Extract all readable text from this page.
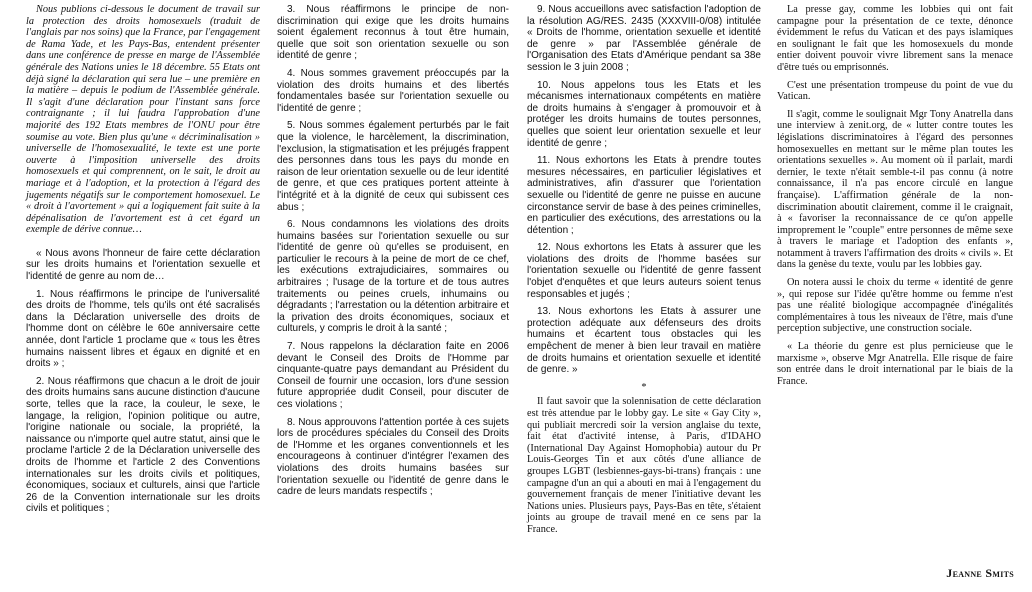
Nous publions ci-dessous le document de travail sur la protection des droits homosexuels (traduit de l'anglais par nos soins) que la France, par l'engagement de Rama Yade, et les Pays-Bas, entendent présenter dans une conférence de presse en marge de l'Assemblée générale des Nations unies le 18 décembre. 55 Etats ont déjà signé la déclaration qui sera lue – une première en la matière – depuis le podium de l'Assemblée générale. Il s'agit d'une déclaration pour l'instant sans force contraignante ; il lui faudra l'approbation d'une majorité des 192 Etats membres de l'ONU pour être soumise au vote. Bien plus qu'une « décriminalisation » universelle de l'homosexualité, le texte est une porte ouverte à l'imposition universelle des droits homosexuels et qui comprennent, on le sait, le droit au mariage et à l'adoption, et la protection à l'égard des jugements négatifs sur le comportement homosexuel. Le « droit à l'avortement » qui a logiquement fait suite à la dépénalisation de l'avortement est à cet égard un exemple de dérive connue…

« Nous avons l'honneur de faire cette déclaration sur les droits humains et l'orientation sexuelle et l'identité de genre au nom de…

1. Nous réaffirmons le principe de l'universalité des droits de l'homme, tels qu'ils ont été sacralisés dans la Déclaration universelle des droits de l'homme dont on célèbre le 60e anniversaire cette année, dont l'article 1 proclame que « tous les êtres humains naissent libres et égaux en dignité et en droits » ;

2. Nous réaffirmons que chacun a le droit de jouir des droits humains sans aucune distinction d'aucune sorte, telles que la race, la couleur, le sexe, le langage, la religion, l'opinion politique ou autre, l'origine nationale ou sociale, la propriété, la naissance ou n'importe quel autre statut, ainsi que le proclame l'article 2 de la Déclaration universelle des droits de l'homme et l'article 2 des Conventions internationales sur les droits civils et politiques, économiques, sociaux et culturels, ainsi que l'article 26 de la Convention internationale sur les droits civils et politiques ;

3. Nous réaffirmons le principe de non-discrimination qui exige que les droits humains soient également reconnus à tout être humain, quelle que soit son orientation sexuelle ou son identité de genre ;

4. Nous sommes gravement préoccupés par la violation des droits humains et des libertés fondamentales basée sur l'orientation sexuelle ou l'identité de genre ;

5. Nous sommes également perturbés par le fait que la violence, le harcèlement, la discrimination, l'exclusion, la stigmatisation et les préjugés frappent des personnes dans tous les pays du monde en raison de leur orientation sexuelle ou de leur identité de genre, et que ces pratiques portent atteinte à l'intégrité et à la dignité de ceux qui subissent ces abus ;

6. Nous condamnons les violations des droits humains basées sur l'orientation sexuelle ou sur l'identité de genre où qu'elles se produisent, en particulier le recours à la peine de mort de ce chef, les exécutions extrajudiciaires, sommaires ou arbitraires ; l'usage de la torture et de tous autres traitements ou peines cruels, inhumains ou dégradants ; l'arrestation ou la détention arbitraire et la privation des droits économiques, sociaux et culturels, y compris le droit à la santé ;

7. Nous rappelons la déclaration faite en 2006 devant le Conseil des Droits de l'Homme par cinquante-quatre pays demandant au Président du Conseil de fournir une occasion, lors d'une session future appropriée dudit Conseil, pour discuter de ces violations ;

8. Nous approuvons l'attention portée à ces sujets lors de procédures spéciales du Conseil des Droits de l'Homme et les organes conventionnels et les encourageons à continuer d'intégrer l'examen des violations des droits humains basées sur l'orientation sexuelle ou l'identité de genre dans le cadre de leurs mandats respectifs ;

9. Nous accueillons avec satisfaction l'adoption de la résolution AG/RES. 2435 (XXXVIII-0/08) intitulée « Droits de l'homme, orientation sexuelle et identité de genre » par l'Assemblée générale de l'Organisation des Etats d'Amérique pendant sa 38e session le 3 juin 2008 ;

10. Nous appelons tous les Etats et les mécanismes internationaux compétents en matière de droits humains à s'engager à promouvoir et à protéger les droits humains de toutes personnes, quelles que soient leur orientation sexuelle et leur identité de genre ;

11. Nous exhortons les Etats à prendre toutes mesures nécessaires, en particulier législatives et administratives, afin d'assurer que l'orientation sexuelle ou l'identité de genre ne puisse en aucune circonstance servir de base à des peines criminelles, en particulier des exécutions, des arrestations ou la détention ;

12. Nous exhortons les Etats à assurer que les violations des droits de l'homme basées sur l'orientation sexuelle ou l'identité de genre fassent l'objet d'enquêtes et que leurs auteurs soient tenus responsables et jugés ;

13. Nous exhortons les Etats à assurer une protection adéquate aux défenseurs des droits humains et écartent tous obstacles qui les empêchent de mener à bien leur travail en matière de droits humains et orientation sexuelle et identité de genre. »

*

Il faut savoir que la solennisation de cette déclaration est très attendue par le lobby gay. Le site « Gay City », qui publiait mercredi soir la version anglaise du texte, fait état d'activité intense, à Paris, d'IDAHO (International Day Against Homophobia) autour du Pr Louis-Georges Tin et aux côtés d'une alliance de groupes LGBT (lesbiennes-gays-bi-trans) français : une campagne d'un an qui a abouti en mai à l'engagement du gouvernement français de mener l'initiative devant les Nations unies. Plusieurs pays, Pays-Bas en tête, s'étaient joints au groupe de travail mené en ce sens par la France.

La presse gay, comme les lobbies qui ont fait campagne pour la présentation de ce texte, dénonce évidemment le refus du Vatican et des pays islamiques en soulignant le fait que les homosexuels du monde entier doivent pouvoir vivre librement sans la menace d'être tués ou emprisonnés.

C'est une présentation trompeuse du point de vue du Vatican.

Il s'agit, comme le soulignait Mgr Tony Anatrella dans une interview à zenit.org, de « lutter contre toutes les législations discriminatoires à l'égard des personnes homosexuelles en mettant sur le même plan toutes les orientations sexuelles ». Au moment où il parlait, mardi dernier, le texte n'était semble-t-il pas connu (à notre connaissance, il n'a pas encore circulé en langue française). L'affirmation générale de la non-discrimination aboutit clairement, comme il le craignait, à « favoriser la reconnaissance de ce qu'on appelle improprement le "couple" entre personnes de même sexe à travers le mariage et l'adoption des enfants », notamment à travers l'affirmation des droits « civils ». Et dans la genèse du texte, voulu par les lobbies gay.

On notera aussi le choix du terme « identité de genre », qui repose sur l'idée qu'être homme ou femme n'est pas une réalité biologique accompagnée d'inégalités complémentaires à tous les niveaux de l'être, mais d'une perception subjective, une construction sociale.

« La théorie du genre est plus pernicieuse que le marxisme », observe Mgr Anatrella. Elle risque de faire son entrée dans le droit international par le biais de la France.

Jeanne Smits
